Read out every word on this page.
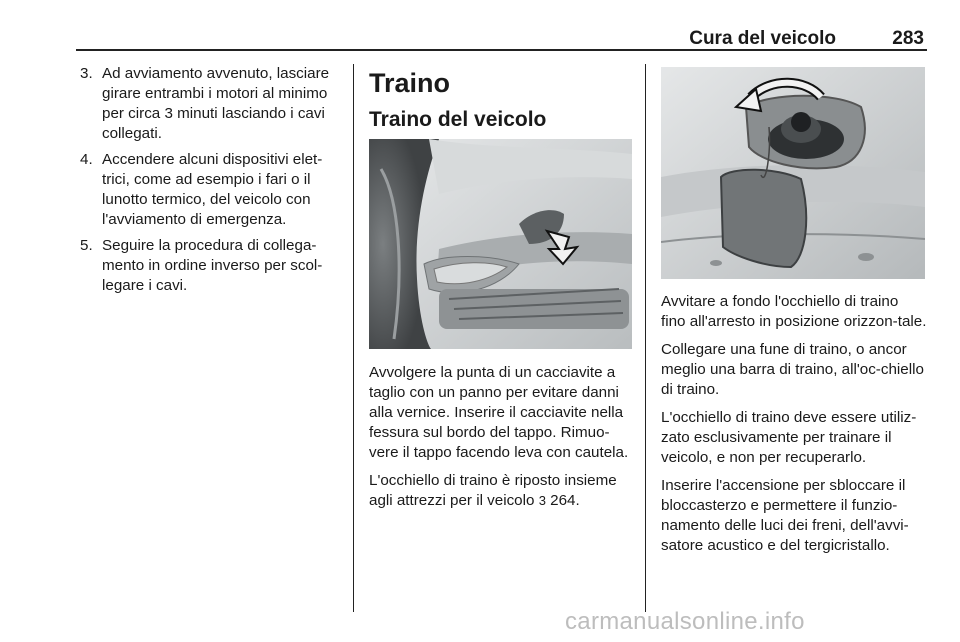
Cura del veicolo	283
3. Ad avviamento avvenuto, lasciare girare entrambi i motori al minimo per circa 3 minuti lasciando i cavi collegati.
4. Accendere alcuni dispositivi elet-trici, come ad esempio i fari o il lunotto termico, del veicolo con l'avviamento di emergenza.
5. Seguire la procedura di collega-mento in ordine inverso per scol-legare i cavi.
Traino
Traino del veicolo

Avvolgere la punta di un cacciavite a taglio con un panno per evitare danni alla vernice. Inserire il cacciavite nella fessura sul bordo del tappo. Rimuo-vere il tappo facendo leva con cautela.

L'occhiello di traino è riposto insieme agli attrezzi per il veicolo 3 264.

Avvitare a fondo l'occhiello di traino fino all'arresto in posizione orizzon-tale.

Collegare una fune di traino, o ancor meglio una barra di traino, all'oc-chiello di traino.

L'occhiello di traino deve essere utiliz-zato esclusivamente per trainare il veicolo, e non per recuperarlo.

Inserire l'accensione per sbloccare il bloccasterzo e permettere il funzio-namento delle luci dei freni, dell'avvi-satore acustico e del tergicristallo.

carmanualsonline.info
